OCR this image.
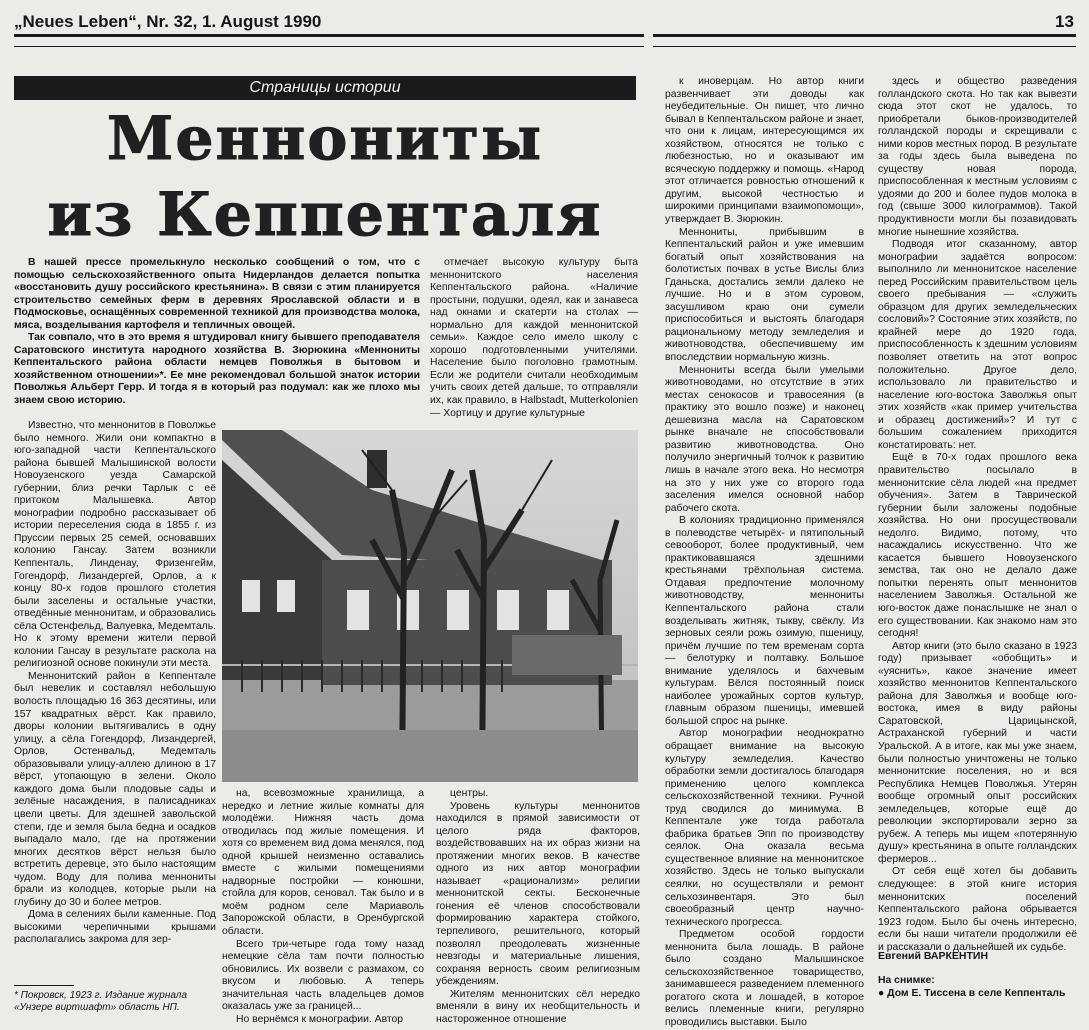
„Neues Leben“, Nr. 32, 1. August 1990	13
Страницы истории
Меннониты
из Кеппенталя

В нашей прессе промелькнуло несколько сообщений о том, что с помощью сельскохозяйственного опыта Нидерландов делается попытка «восстановить душу российского крестьянина». В связи с этим планируется строительство семейных ферм в деревнях Ярославской области и в Подмосковье, оснащённых современной техникой для производства молока, мяса, возделывания картофеля и тепличных овощей.

Так совпало, что в это время я штудировал книгу бывшего преподавателя Саратовского института народного хозяйства В. Зюрюкина «Меннониты Кеппентальского района области немцев Поволжья в бытовом и хозяйственном отношении»*. Ее мне рекомендовал большой знаток истории Поволжья Альберт Герр. И тогда я в который раз подумал: как же плохо мы знаем свою историю.

отмечает высокую культуру быта меннонитского населения Кеппентальского района. «Наличие простыни, подушки, одеял, как и занавеса над окнами и скатерти на столах — нормально для каждой меннонитской семьи». Каждое село имело школу с хорошо подготовленными учителями. Население было поголовно грамотным. Если же родители считали необходимым учить своих детей дальше, то отправляли их, как правило, в Halbstadt, Mutterkolonien — Хортицу и другие культурные

Известно, что меннонитов в Поволжье было немного. Жили они компактно в юго-западной части Кеппентальского района бывшей Малышинской волости Новоузенского уезда Самарской губернии, близ речки Тарлык с её притоком Малышевка. Автор монографии подробно рассказывает об истории переселения сюда в 1855 г. из Пруссии первых 25 семей, основавших колонию Гансау. Затем возникли Кеппенталь, Линденау, Фризенгейм, Гогендорф, Лизандергей, Орлов, а к концу 80-х годов прошлого столетия были заселены и остальные участки, отведённые меннонитам, и образовались сёла Остенфельд, Валуевка, Медемталь. Но к этому времени жители первой колонии Гансау в результате раскола на религиозной основе покинули эти места.

Меннонитский район в Кеппентале был невелик и составлял небольшую волость площадью 16 363 десятины, или 157 квадратных вёрст. Как правило, дворы колонии вытягивались в одну улицу, а сёла Гогендорф, Лизандергей, Орлов, Остенвальд, Медемталь образовывали улицу-аллею длиною в 17 вёрст, утопающую в зелени. Около каждого дома были плодовые сады и зелёные насаждения, в палисадниках цвели цветы. Для здешней завольской степи, где и земля была бедна и осадков выпадало мало, где на протяжении многих десятков вёрст нельзя было встретить деревце, это было настоящим чудом. Воду для полива меннониты брали из колодцев, которые рыли на глубину до 30 и более метров.

Дома в селениях были каменные. Под высокими черепичными крышами располагались закрома для зер-

на, всевозможные хранилища, а нередко и летние жилые комнаты для молодёжи. Нижняя часть дома отводилась под жилые помещения. И хотя со временем вид дома менялся, под одной крышей неизменно оставались вместе с жилыми помещениями надворные постройки — конюшни, стойла для коров, сеновал. Так было и в моём родном селе Мариаволь Запорожской области, в Оренбургской области.

Всего три-четыре года тому назад немецкие сёла там почти полностью обновились. Их возвели с размахом, со вкусом и любовью. А теперь значительная часть владельцев домов оказалась уже за границей...

Но вернёмся к монографии. Автор

центры.

Уровень культуры меннонитов находился в прямой зависимости от целого ряда факторов, воздействовавших на их образ жизни на протяжении многих веков. В качестве одного из них автор монографии называет «рационализм» религии меннонитской секты. Бесконечные гонения её членов способствовали формированию характера стойкого, терпеливого, решительного, который позволял преодолевать жизненные невзгоды и материальные лишения, сохраняя верность своим религиозным убеждениям.

Жителям меннонитских сёл нередко вменяли в вину их необщительность и настороженное отношение

к иноверцам. Но автор книги развенчивает эти доводы как неубедительные. Он пишет, что лично бывал в Кеппентальском районе и знает, что они к лицам, интересующимся их хозяйством, относятся не только с любезностью, но и оказывают им всяческую поддержку и помощь. «Народ этот отличается ровностью отношений к другим, высокой честностью и широкими принципами взаимопомощи», утверждает В. Зюрюкин.

Меннониты, прибывшим в Кеппентальский район и уже имевшим богатый опыт хозяйствования на болотистых почвах в устье Вислы близ Гданьска, достались земли далеко не лучшие. Но и в этом суровом, засушливом краю они сумели приспособиться и выстоять благодаря рациональному методу земледелия и животноводства, обеспечившему им впоследствии нормальную жизнь.

Меннониты всегда были умелыми животноводами, но отсутствие в этих местах сенокосов и травосеяния (в практику это вошло позже) и наконец дешевизна масла на Саратовском рынке вначале не способствовали развитию животноводства. Оно получило энергичный толчок к развитию лишь в начале этого века. Но несмотря на это у них уже со второго года заселения имелся основной набор рабочего скота.

В колониях традиционно применялся в полеводстве четырёх- и пятипольный севооборот, более продуктивный, чем практиковавшаяся здешними крестьянами трёхпольная система. Отдавая предпочтение молочному животноводству, меннониты Кеппентальского района стали возделывать житняк, тыкву, свёклу. Из зерновых сеяли рожь озимую, пшеницу, причём лучшие по тем временам сорта — белотурку и полтавку. Большое внимание уделялось и бахчевым культурам. Вёлся постоянный поиск наиболее урожайных сортов культур, главным образом пшеницы, имевшей большой спрос на рынке.

Автор монографии неоднократно обращает внимание на высокую культуру земледелия. Качество обработки земли достигалось благодаря применению целого комплекса сельскохозяйственной техники. Ручной труд сводился до минимума. В Кеппентале уже тогда работала фабрика братьев Эпп по производству сеялок. Она оказала весьма существенное влияние на меннонитское хозяйство. Здесь не только выпускали сеялки, но осуществляли и ремонт сельхозинвентаря. Это был своеобразный центр научно-технического прогресса.

Предметом особой гордости меннонита была лошадь. В районе было создано Малышинское сельскохозяйственное товарищество, занимавшееся разведением племенного рогатого скота и лошадей, в которое велись племенные книги, регулярно проводились выставки. Было

здесь и общество разведения голландского скота. Но так как вывезти сюда этот скот не удалось, то приобретали быков-производителей голландской породы и скрещивали с ними коров местных пород. В результате за годы здесь была выведена по существу новая порода, приспособленная к местным условиям с удоями до 200 и более пудов молока в год (свыше 3000 килограммов). Такой продуктивности могли бы позавидовать многие нынешние хозяйства.

Подводя итог сказанному, автор монографии задаётся вопросом: выполнило ли меннонитское население перед Российским правительством цель своего пребывания — «служить образцом для других земледельческих сословий»? Состояние этих хозяйств, по крайней мере до 1920 года, приспособленность к здешним условиям позволяет ответить на этот вопрос положительно. Другое дело, использовало ли правительство и население юго-востока Заволжья опыт этих хозяйств «как пример учительства и образец достижений»? И тут с большим сожалением приходится констатировать: нет.

Ещё в 70-х годах прошлого века правительство посылало в меннонитские сёла людей «на предмет обучения». Затем в Таврической губернии были заложены подобные хозяйства. Но они просуществовали недолго. Видимо, потому, что насаждались искусственно. Что же касается бывшего Новоузенского земства, так оно не делало даже попытки перенять опыт меннонитов населением Заволжья. Остальной же юго-восток даже понаслышке не знал о его существовании. Как знакомо нам это сегодня!

Автор книги (это было сказано в 1923 году) призывает «обобщить» и «уяснить», какое значение имеет хозяйство меннонитов Кеппентальского района для Заволжья и вообще юго-востока, имея в виду районы Саратовской, Царицынской, Астраханской губерний и части Уральской. А в итоге, как мы уже знаем, были полностью уничтожены не только меннонитские поселения, но и вся Республика Немцев Поволжья. Утерян вообще огромный опыт российских земледельцев, которые ещё до революции экспортировали зерно за рубеж. А теперь мы ищем «потерянную душу» крестьянина в опыте голландских фермеров...

От себя ещё хотел бы добавить следующее: в этой книге история меннонитских поселений Кеппентальского района обрывается 1923 годом. Было бы очень интересно, если бы наши читатели продолжили её и рассказали о дальнейшей их судьбе.

* Покровск, 1923 г. Издание журнала «Унзере виртшафт» область НП.
Евгений ВАРКЕНТИН
На снимке:
● Дом Е. Тиссена в селе Кеппенталь
